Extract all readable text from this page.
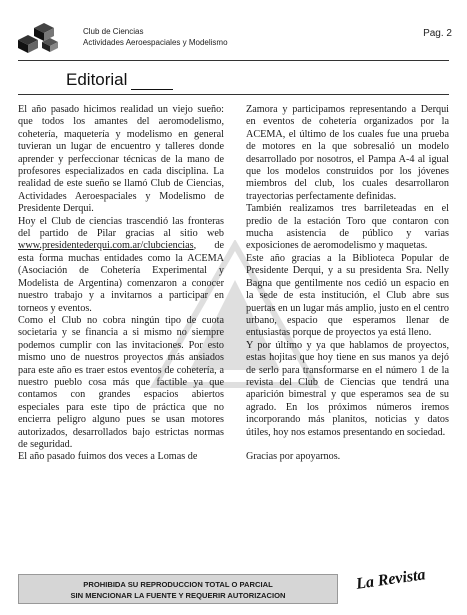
Club de Ciencias
Actividades Aeroespaciales y Modelismo
Pag. 2
Editorial

El año pasado hicimos realidad un viejo sueño: que todos los amantes del aeromodelismo, cohetería, maquetería y modelismo en general tuvieran un lugar de encuentro y talleres donde aprender y perfeccionar técnicas de la mano de profesores especializados en cada disciplina. La realidad de este sueño se llamó Club de Ciencias, Actividades Aeroespaciales y Modelismo de Presidente Derqui.

Hoy el Club de ciencias trascendió las fronteras del partido de Pilar gracias al sitio web www.presidentederqui.com.ar/clubciencias, de esta forma muchas entidades como la ACEMA (Asociación de Cohetería Experimental y Modelista de Argentina) comenzaron a conocer nuestro trabajo y a invitarnos a participar en torneos y eventos.

Como el Club no cobra ningún tipo de cuota societaria y se financia a si mismo no siempre podemos cumplir con las invitaciones. Por esto mismo uno de nuestros proyectos más ansiados para este año es traer estos eventos de cohetería, a nuestro pueblo cosa más que factible ya que contamos con grandes espacios abiertos especiales para este tipo de práctica que no encierra peligro alguno pues se usan motores autorizados, desarrollados bajo estrictas normas de seguridad.

El año pasado fuimos dos veces a Lomas de

Zamora y participamos representando a Derqui en eventos de cohetería organizados por la ACEMA, el último de los cuales fue una prueba de motores en la que sobresalió un modelo desarrollado por nosotros, el Pampa A-4 al igual que los modelos construidos por los jóvenes miembros del club, los cuales desarrollaron trayectorias perfectamente definidas.

También realizamos tres barrileteadas en el predio de la estación Toro que contaron con mucha asistencia de público y varias exposiciones de aeromodelismo y maquetas.

Este año gracias a la Biblioteca Popular de Presidente Derqui, y a su presidenta Sra. Nelly Bagna que gentilmente nos cedió un espacio en la sede de esta institución, el Club abre sus puertas en un lugar más amplio, justo en el centro urbano, espacio que esperamos llenar de entusiastas porque de proyectos ya está lleno.

Y por último y ya que hablamos de proyectos, estas hojitas que hoy tiene en sus manos ya dejó de serlo para transformarse en el número 1 de la revista del Club de Ciencias que tendrá una aparición bimestral y que esperamos sea de su agrado. En los próximos números iremos incorporando más planitos, noticias y datos útiles, hoy nos estamos presentando en sociedad.

Gracias por apoyarnos.

PROHIBIDA SU REPRODUCCION TOTAL O PARCIAL
SIN MENCIONAR LA FUENTE Y REQUERIR AUTORIZACION
La Revista
